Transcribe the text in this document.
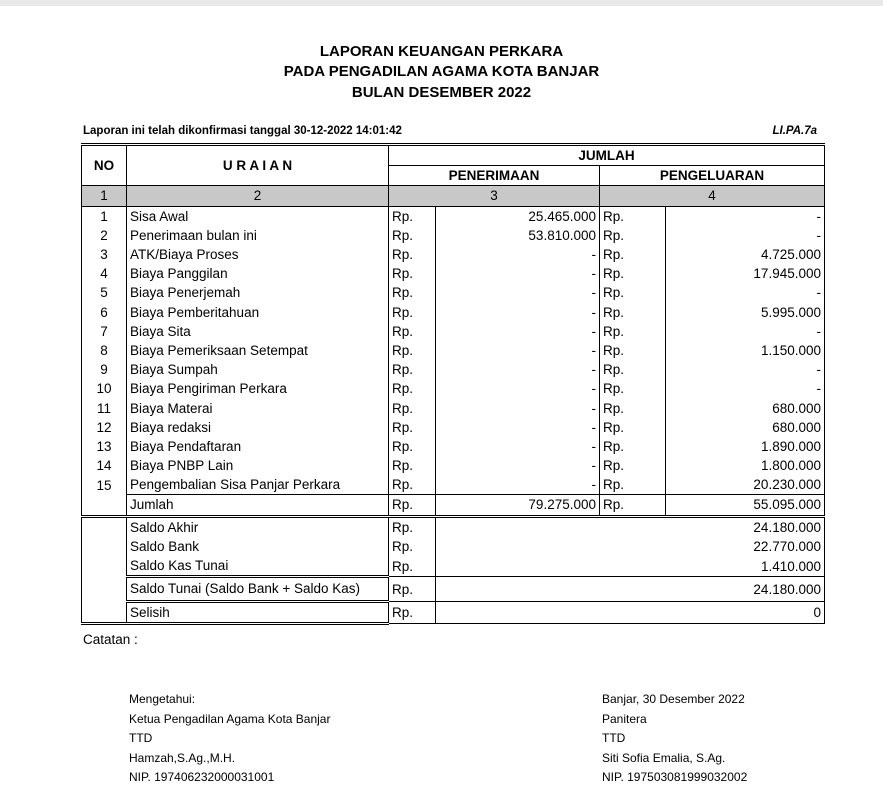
LAPORAN KEUANGAN PERKARA
PADA PENGADILAN AGAMA KOTA BANJAR
BULAN DESEMBER 2022
Laporan ini telah dikonfirmasi tanggal 30-12-2022 14:01:42	LI.PA.7a
NO	U R A I A N	JUMLAH			
		PENERIMAAN		PENGELUARAN	
1	2	3		4	
1	Sisa Awal	Rp.	25.465.000	Rp.	-
2	Penerimaan bulan ini	Rp.	53.810.000	Rp.	-
3	ATK/Biaya Proses	Rp.	-	Rp.	4.725.000
4	Biaya Panggilan	Rp.	-	Rp.	17.945.000
5	Biaya Penerjemah	Rp.	-	Rp.	-
6	Biaya Pemberitahuan	Rp.	-	Rp.	5.995.000
7	Biaya Sita	Rp.	-	Rp.	-
8	Biaya Pemeriksaan Setempat	Rp.	-	Rp.	1.150.000
9	Biaya Sumpah	Rp.	-	Rp.	-
10	Biaya Pengiriman Perkara	Rp.	-	Rp.	-
11	Biaya Materai	Rp.	-	Rp.	680.000
12	Biaya redaksi	Rp.	-	Rp.	680.000
13	Biaya Pendaftaran	Rp.	-	Rp.	1.890.000
14	Biaya PNBP Lain	Rp.	-	Rp.	1.800.000
15	Pengembalian Sisa Panjar Perkara	Rp.	-	Rp.	20.230.000
	Jumlah	Rp.	79.275.000	Rp.	55.095.000
	Saldo Akhir	Rp.	24.180.000		
	Saldo Bank	Rp.	22.770.000		
	Saldo Kas Tunai	Rp.	1.410.000		
	Saldo Tunai (Saldo Bank + Saldo Kas)	Rp.	24.180.000		
	Selisih	Rp.	0		
Catatan :
Mengetahui:
Ketua Pengadilan Agama Kota Banjar
TTD
Hamzah,S.Ag.,M.H.
NIP. 197406232000031001
Banjar, 30 Desember 2022
Panitera
TTD
Siti Sofia Emalia, S.Ag.
NIP. 197503081999032002
